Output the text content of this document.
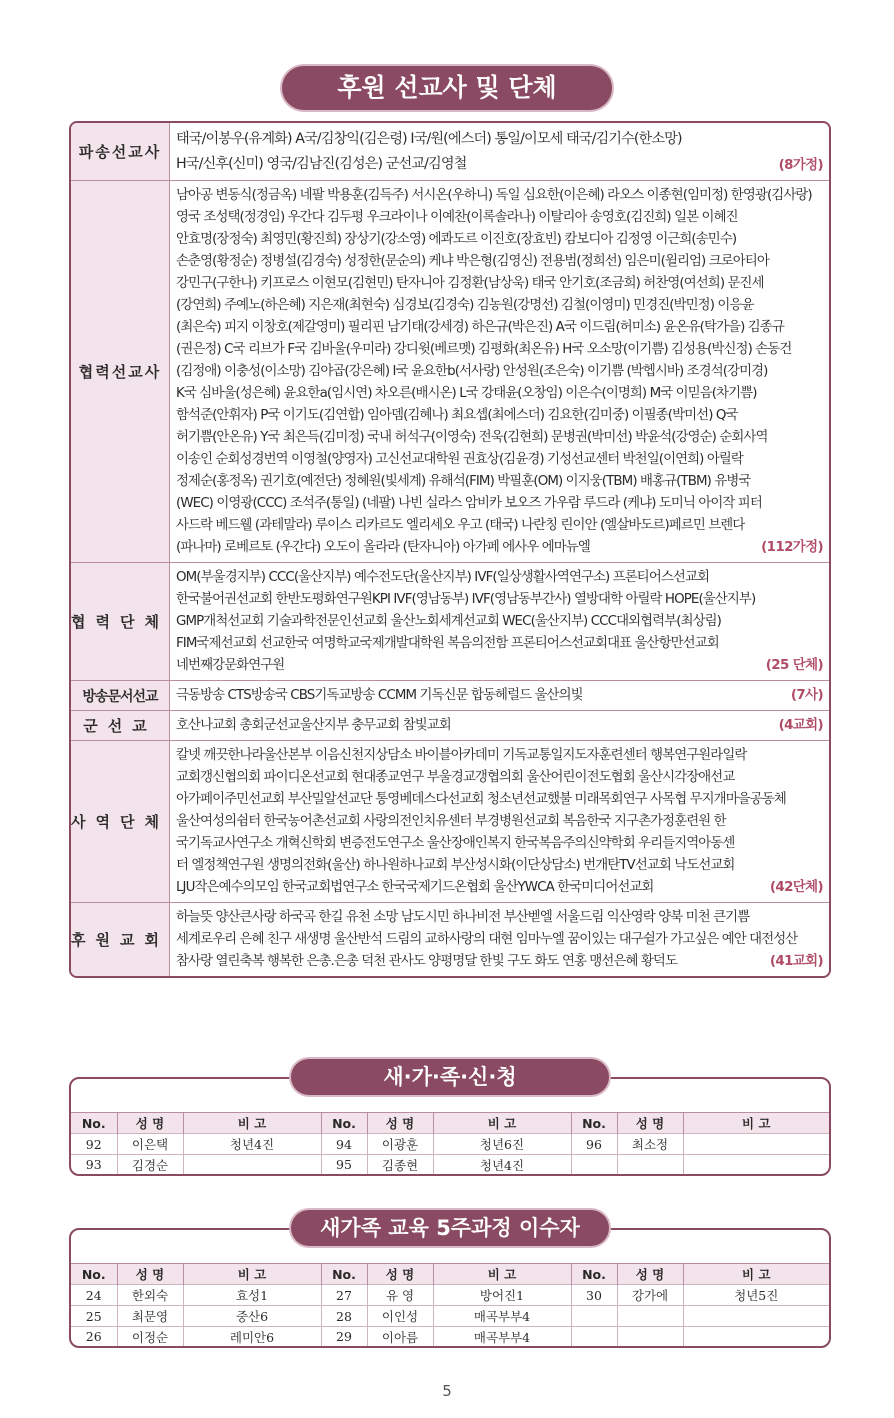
후원 선교사 및 단체
파송선교사
태국/이봉우(유계화) A국/김창익(김은령) I국/원(에스더) 통일/이모세 태국/김기수(한소망)
H국/신후(신미) 영국/김남진(김성은) 군선교/김영철	(8가정)
협력선교사
남아공 변동식(정금옥) 네팔 박용훈(김득주) 서시온(우하니) 독일 심요한(이은혜) 라오스 이종현(임미정) 한영광(김사랑)
영국 조성택(정경임) 우간다 김두평 우크라이나 이예찬(이록솔라나) 이탈리아 송영호(김진희) 일본 이혜진
안효명(장정숙) 최영민(황진희) 장상기(강소영) 에콰도르 이진호(장효빈) 캄보디아 김정영 이근희(송민수)
손춘영(황정순) 정병설(김경숙) 성정한(문순의) 케냐 박은형(김영신) 전용범(정희선) 임은미(윌리엄) 크로아티아
강민구(구한나) 키프로스 이현모(김현민) 탄자니아 김정환(남상욱) 태국 안기호(조금희) 허찬영(여선희) 문진세
(강연희) 주예노(하은혜) 지은재(최현숙) 심경보(김경숙) 김농원(강명선) 김철(이영미) 민경진(박민정) 이응윤
(최은숙) 피지 이창호(제갈영미) 필리핀 남기태(강세경) 하은규(박은진) A국 이드림(허미소) 윤온유(탁가을) 김종규
(권은정) C국 리브가 F국 김바울(우미라) 강디윗(베르멧) 김평화(최온유) H국 오소망(이기쁨) 김성용(박신정) 손동건
(김정애) 이충성(이소망) 김야곱(강은혜) I국 윤요한b(서사랑) 안성원(조은숙) 이기쁨 (박헵시바) 조경석(강미경)
K국 심바울(성은혜) 윤요한a(임시연) 차오른(배시온) L국 강태윤(오창임) 이은수(이명희) M국 이믿음(차기쁨)
함석준(안휘자) P국 이기도(김연합) 임아뎀(김혜나) 최요셉(최에스더) 김요한(김미중) 이필종(박미선) Q국
허기쁨(안온유) Y국 최은득(김미정) 국내 허석구(이영숙) 전욱(김현희) 문병권(박미선) 박윤석(강영순) 순회사역
이송인 순회성경번역 이영철(양영자) 고신선교대학원 권효상(김윤경) 기성선교센터 박천일(이연희) 아릴락
정제순(홍정옥) 권기호(예전단) 정혜원(빛세계) 유해석(FIM) 박필훈(OM) 이지웅(TBM) 배홍규(TBM) 유병국
(WEC) 이영광(CCC) 조석주(통일) (네팔) 나빈 실라스 암비카 보오즈 가우람 루드라 (케냐) 도미닉 아이작 피터
사드락 베드웰 (과테말라) 루이스 리카르도 엘리세오 우고 (태국) 나란칭 린이안 (엘살바도르)페르민 브렌다
(파나마) 로베르토 (우간다) 오도이 올라라 (탄자니아) 아가페 에사우 에마뉴엘	(112가정)
협력단체
OM(부울경지부) CCC(울산지부) 예수전도단(울산지부) IVF(일상생활사역연구소) 프론티어스선교회
한국불어권선교회 한반도평화연구원KPI IVF(영남동부) IVF(영남동부간사) 열방대학 아릴락 HOPE(울산지부)
GMP개척선교회 기술과학전문인선교회 울산노회세계선교회 WEC(울산지부) CCC대외협력부(최상림)
FIM국제선교회 선교한국 여명학교국제개발대학원 복음의전함 프론티어스선교회대표 울산항만선교회
네번째강문화연구원	(25 단체)
방송문서선교	극동방송 CTS방송국 CBS기독교방송 CCMM 기독신문 합동헤럴드 울산의빛	(7사)
군선교	호산나교회 총회군선교울산지부 충무교회 참빛교회	(4교회)
사역단체
칼넷 깨끗한나라울산본부 이음신천지상담소 바이블아카데미 기독교통일지도자훈련센터 행복연구원라일락
교회갱신협의회 파이디온선교회 현대종교연구 부울경교갱협의회 울산어린이전도협회 울산시각장애선교
아가페이주민선교회 부산밀알선교단 통영베데스다선교회 청소년선교했불 미래목회연구 사목협 무지개마을공동체
울산여성의쉼터 한국농어촌선교회 사랑의전인치유센터 부경병원선교회 복음한국 지구촌가정훈련원 한
국기독교사연구소 개혁신학회 변증전도연구소 울산장애인복지 한국복음주의신약학회 우리들지역아동센
터 엘정책연구원 생명의전화(울산) 하나원하나교회 부산성시화(이단상담소) 번개탄TV선교회 낙도선교회
LJU작은예수의모임 한국교회법연구소 한국국제기드온협회 울산YWCA 한국미디어선교회	(42단체)
후원교회
하늘뜻 양산큰사랑 하국곡 한길 유천 소망 남도시민 하나비전 부산벧엘 서울드림 익산영락 양북 미천 큰기쁨
세계로우리 은혜 친구 새생명 울산반석 드림의 교하사랑의 대현 임마누엘 꿈이있는 대구쉴가 가고싶은 예안 대전성산
참사랑 열린축복 행복한 은총.은총 덕천 관사도 양평명달 한빛 구도 화도 연홍 맹선은혜 황덕도	(41교회)
새·가·족·신·청
No.	성 명	비 고	No.	성 명	비 고	No.	성 명	비 고
92	이은택	청년4진	94	이광훈	청년6진	96	최소정	
93	김경순		95	김종현	청년4진			
새가족 교육 5주과정 이수자
No.	성 명	비 고	No.	성 명	비 고	No.	성 명	비 고
24	한외숙	효성1	27	유 영	방어진1	30	강가에	청년5진
25	최문영	중산6	28	이인성	매곡부부4			
26	이정순	레미안6	29	이아름	매곡부부4			
5
